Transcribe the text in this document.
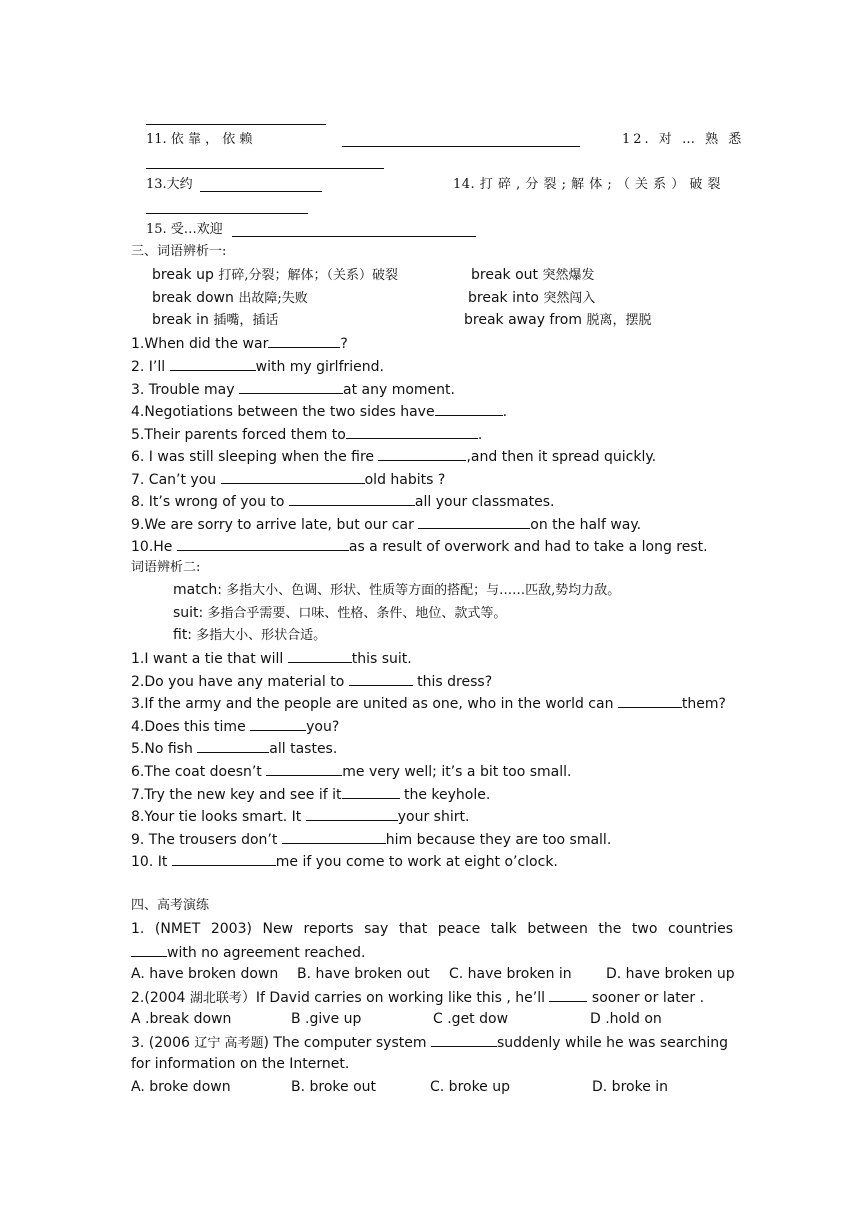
11. 依 靠 ， 依 赖	12. 对 … 熟 悉
13.大约	14. 打 碎 , 分 裂 ; 解 体 ; （ 关 系 ） 破 裂
15. 受…欢迎
三、词语辨析一:
break up 打碎,分裂；解体；（关系）破裂	break out 突然爆发
break down 出故障;失败	break into 突然闯入
break in 插嘴，插话	break away from 脱离，摆脱
1.When did the war	?
2. I’ll	with my girlfriend.
3. Trouble may	at any moment.
4.Negotiations between the two sides have	.
5.Their parents forced them to	.
6. I was still sleeping when the fire	,and then it spread quickly.
7. Can’t you	old habits ?
8. It’s wrong of you to	all your classmates.
9.We are sorry to arrive late, but our car	on the half way.
10.He	as a result of overwork and had to take a long rest.
词语辨析二:
match: 多指大小、色调、形状、性质等方面的搭配；与……匹敌,势均力敌。
suit: 多指合乎需要、口味、性格、条件、地位、款式等。
fit: 多指大小、形状合适。
1.I want a tie that will	this suit.
2.Do you have any material to	this dress?
3.If the army and the people are united as one, who in the world can	them?
4.Does this time	you?
5.No fish	all tastes.
6.The coat doesn’t	me very well; it’s a bit too small.
7.Try the new key and see if it	the keyhole.
8.Your tie looks smart. It	your shirt.
9. The trousers don’t	him because they are too small.
10. It	me if you come to work at eight o’clock.
四、高考演练
1. (NMET 2003) New reports say that peace talk between the two countries
with no agreement reached.
A. have broken down B. have broken out C. have broken in D. have broken up
2.(2004 湖北联考）If David carries on working like this , he’ll	sooner or later .
A .break down	B .give up	C .get dow	D .hold on
3. (2006 辽宁 高考题) The computer system	suddenly while he was searching
for information on the Internet.
A. broke down	B. broke out	C. broke up	D. broke in
